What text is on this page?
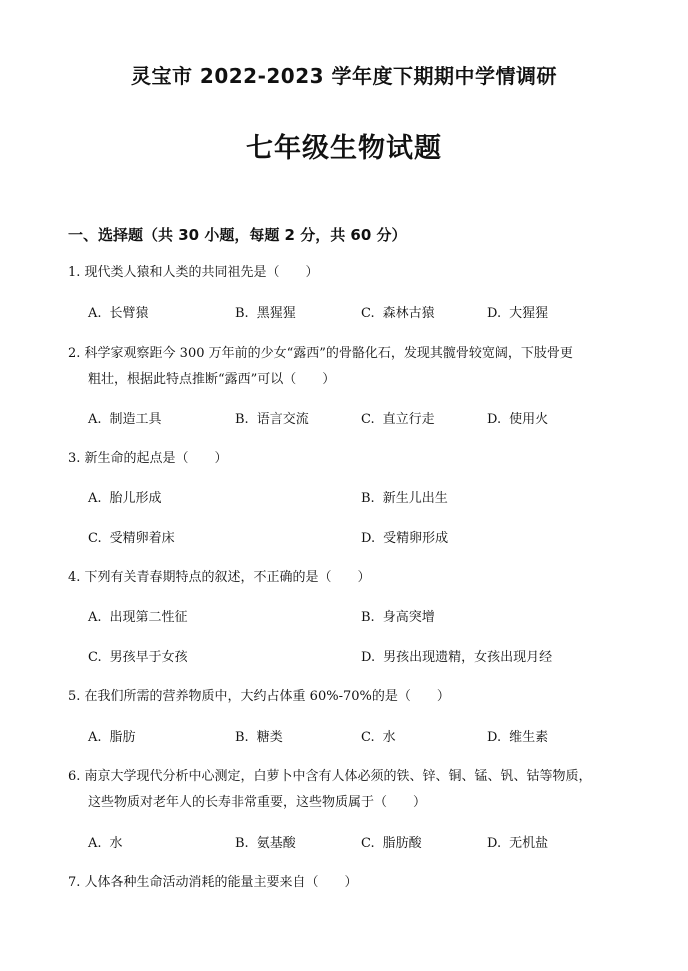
灵宝市 2022-2023 学年度下期期中学情调研
七年级生物试题
一、选择题（共 30 小题，每题 2 分，共 60 分）
1. 现代类人猿和人类的共同祖先是（　　）
A. 长臂猿	B. 黑猩猩	C. 森林古猿	D. 大猩猩
2. 科学家观察距今 300 万年前的少女“露西”的骨骼化石，发现其髋骨较宽阔，下肢骨更
粗壮，根据此特点推断“露西”可以（　　）
A. 制造工具	B. 语言交流	C. 直立行走	D. 使用火
3. 新生命的起点是（　　）
A. 胎儿形成	B. 新生儿出生
C. 受精卵着床	D. 受精卵形成
4. 下列有关青春期特点的叙述，不正确的是（　　）
A. 出现第二性征	B. 身高突增
C. 男孩早于女孩	D. 男孩出现遗精，女孩出现月经
5. 在我们所需的营养物质中，大约占体重 60%-70%的是（　　）
A. 脂肪	B. 糖类	C. 水	D. 维生素
6. 南京大学现代分析中心测定，白萝卜中含有人体必须的铁、锌、铜、锰、钒、钴等物质，
这些物质对老年人的长寿非常重要，这些物质属于（　　）
A. 水	B. 氨基酸	C. 脂肪酸	D. 无机盐
7. 人体各种生命活动消耗的能量主要来自（　　）
